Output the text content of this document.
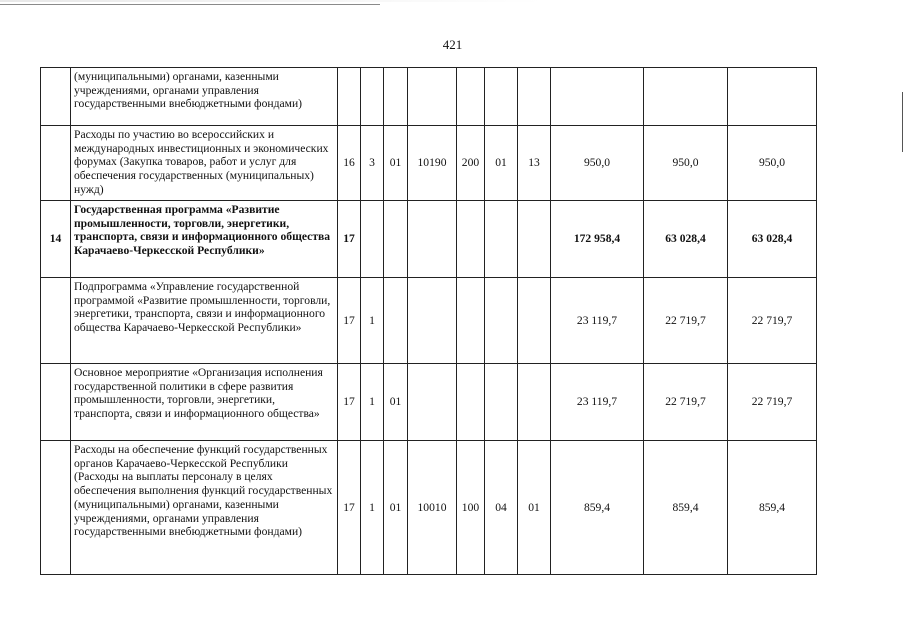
421
	(муниципальными) органами, казенными учреждениями, органами управления государственными внебюджетными фондами)										
	Расходы по участию во всероссийских и международных инвестиционных и экономических форумах (Закупка товаров, работ и услуг для обеспечения государственных (муниципальных) нужд)	16	3	01	10190	200	01	13	950,0	950,0	950,0
14	Государственная программа «Развитие промышленности, торговли, энергетики, транспорта, связи и информационного общества Карачаево-Черкесской Республики»	17							172 958,4	63 028,4	63 028,4
	Подпрограмма «Управление государственной программой «Развитие промышленности, торговли, энергетики, транспорта, связи и информационного общества Карачаево-Черкесской Республики»	17	1						23 119,7	22 719,7	22 719,7
	Основное мероприятие «Организация исполнения государственной политики в сфере развития промышленности, торговли, энергетики, транспорта, связи и информационного общества»	17	1	01					23 119,7	22 719,7	22 719,7
	Расходы на обеспечение функций государственных органов Карачаево-Черкесской Республики (Расходы на выплаты персоналу в целях обеспечения выполнения функций государственных (муниципальными) органами, казенными учреждениями, органами управления государственными внебюджетными фондами)	17	1	01	10010	100	04	01	859,4	859,4	859,4
